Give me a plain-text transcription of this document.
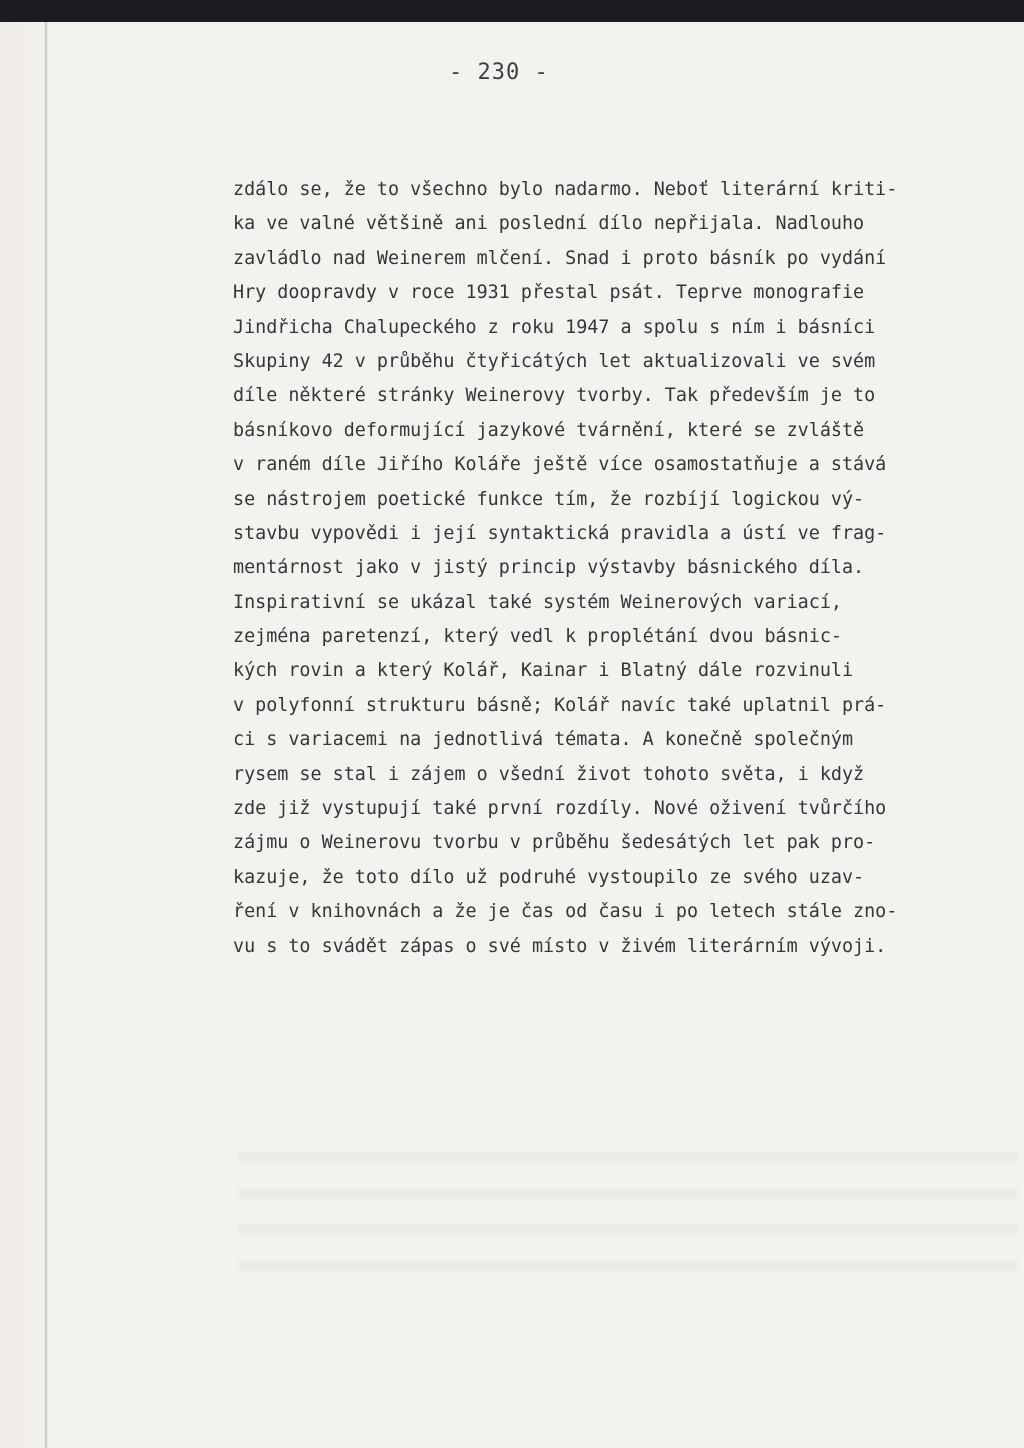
- 230 -
zdálo se, že to všechno bylo nadarmo. Neboť literární kriti-
ka ve valné většině ani poslední dílo nepřijala. Nadlouho
zavládlo nad Weinerem mlčení. Snad i proto básník po vydání
Hry doopravdy v roce 1931 přestal psát. Teprve monografie
Jindřicha Chalupeckého z roku 1947 a spolu s ním i básníci
Skupiny 42 v průběhu čtyřicátých let aktualizovali ve svém
díle některé stránky Weinerovy tvorby. Tak především je to
básníkovo deformující jazykové tvárnění, které se zvláště
v raném díle Jiřího Koláře ještě více osamostatňuje a stává
se nástrojem poetické funkce tím, že rozbíjí logickou vý-
stavbu vypovědi i její syntaktická pravidla a ústí ve frag-
mentárnost jako v jistý princip výstavby básnického díla.
Inspirativní se ukázal také systém Weinerových variací,
zejména paretenzí, který vedl k proplétání dvou básnic-
kých rovin a který Kolář, Kainar i Blatný dále rozvinuli
v polyfonní strukturu básně; Kolář navíc také uplatnil prá-
ci s variacemi na jednotlivá témata. A konečně společným
rysem se stal i zájem o všední život tohoto světa, i když
zde již vystupují také první rozdíly. Nové oživení tvůrčího
zájmu o Weinerovu tvorbu v průběhu šedesátých let pak pro-
kazuje, že toto dílo už podruhé vystoupilo ze svého uzav-
ření v knihovnách a že je čas od času i po letech stále zno-
vu s to svádět zápas o své místo v živém literárním vývoji.
